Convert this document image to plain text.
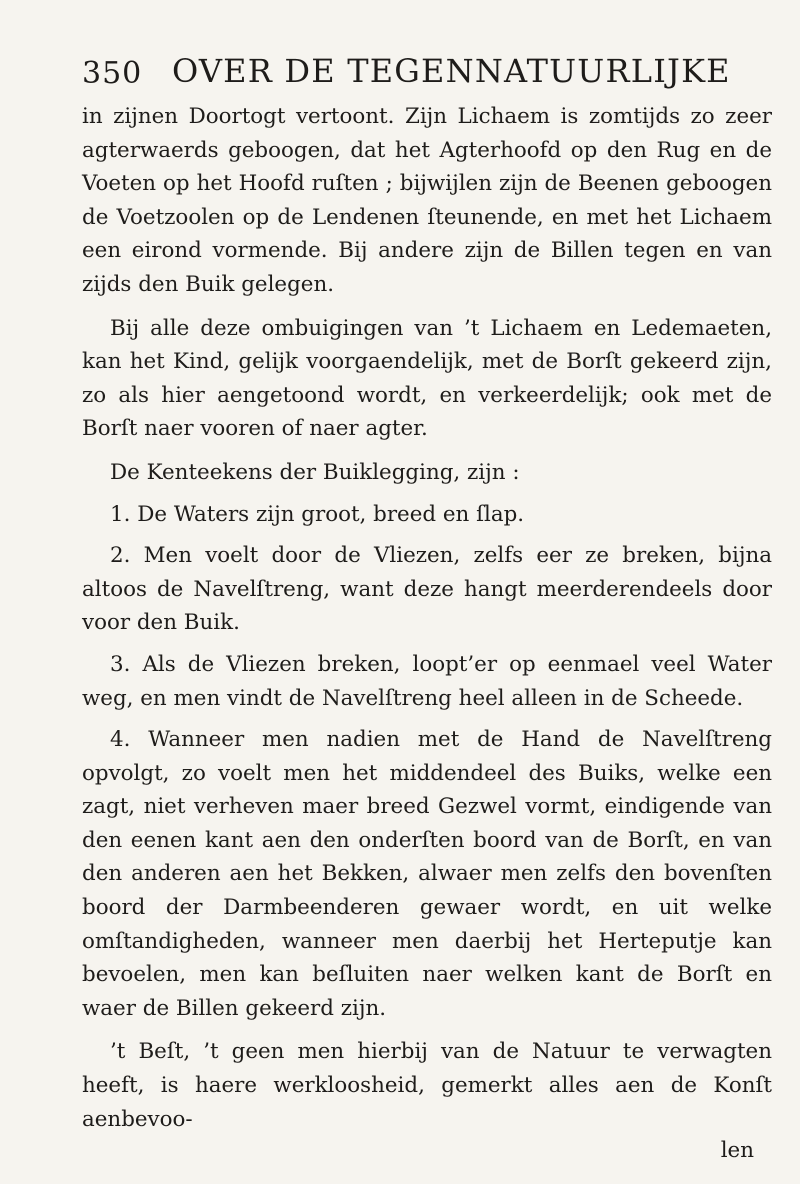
350 OVER DE TEGENNATUURLIJKE

in zijnen Doortogt vertoont. Zijn Lichaem is zomtijds zo zeer agterwaerds geboogen, dat het Agterhoofd op den Rug en de Voeten op het Hoofd ruſten ; bijwijlen zijn de Beenen geboogen de Voetzoolen op de Lendenen ſteunende, en met het Lichaem een eirond vormende. Bij andere zijn de Billen tegen en van zijds den Buik gelegen.

Bij alle deze ombuigingen van ’t Lichaem en Ledemaeten, kan het Kind, gelijk voorgaendelijk, met de Borſt gekeerd zijn, zo als hier aengetoond wordt, en verkeerdelijk; ook met de Borſt naer vooren of naer agter.

De Kenteekens der Buiklegging, zijn :

1. De Waters zijn groot, breed en ſlap.

2. Men voelt door de Vliezen, zelfs eer ze breken, bijna altoos de Navelſtreng, want deze hangt meerderendeels door voor den Buik.

3. Als de Vliezen breken, loopt’er op eenmael veel Water weg, en men vindt de Navelſtreng heel alleen in de Scheede.

4. Wanneer men nadien met de Hand de Navelſtreng opvolgt, zo voelt men het middendeel des Buiks, welke een zagt, niet verheven maer breed Gezwel vormt, eindigende van den eenen kant aen den onderſten boord van de Borſt, en van den anderen aen het Bekken, alwaer men zelfs den bovenſten boord der Darmbeenderen gewaer wordt, en uit welke omſtandigheden, wanneer men daerbij het Herteputje kan bevoelen, men kan beſluiten naer welken kant de Borſt en waer de Billen gekeerd zijn.

’t Beſt, ’t geen men hierbij van de Natuur te verwagten heeft, is haere werkloosheid, gemerkt alles aen de Konſt aenbevoo-

len
